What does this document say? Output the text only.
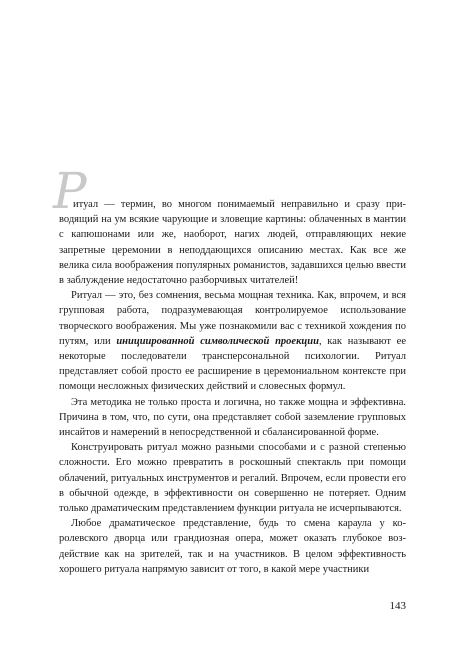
Р

итуал — термин, во многом понимаемый неправильно и сразу приводящий на ум всякие чарующие и зловещие картины: облаченных в мантии с капюшонами или же, наоборот, нагих людей, отправляющих некие запретные церемонии в неподдающихся описанию местах. Как все же велика сила воображения популярных романистов, задавшихся целью ввести в заблуждение недостаточно разборчивых читателей!

Ритуал — это, без сомнения, весьма мощная техника. Как, впрочем, и вся групповая работа, подразумевающая контролируемое использование творческого воображения. Мы уже познакомили вас с техникой хождения по путям, или инициированной символической проекции, как называют ее некоторые последователи трансперсональной психологии. Ритуал представляет собой просто ее расширение в церемониальном контексте при помощи несложных физических действий и словесных формул.

Эта методика не только проста и логична, но также мощна и эффективна. Причина в том, что, по сути, она представляет собой заземление групповых инсайтов и намерений в непосредственной и сбалансированной форме.

Конструировать ритуал можно разными способами и с разной степенью сложности. Его можно превратить в роскошный спектакль при помощи облачений, ритуальных инструментов и регалий. Впрочем, если провести его в обычной одежде, в эффективности он совершенно не потеряет. Одним только драматическим представлением функции ритуала не исчерпываются.

Любое драматическое представление, будь то смена караула у королевского дворца или грандиозная опера, может оказать глубокое воздействие как на зрителей, так и на участников. В целом эффективность хорошего ритуала напрямую зависит от того, в какой мере участники

143
